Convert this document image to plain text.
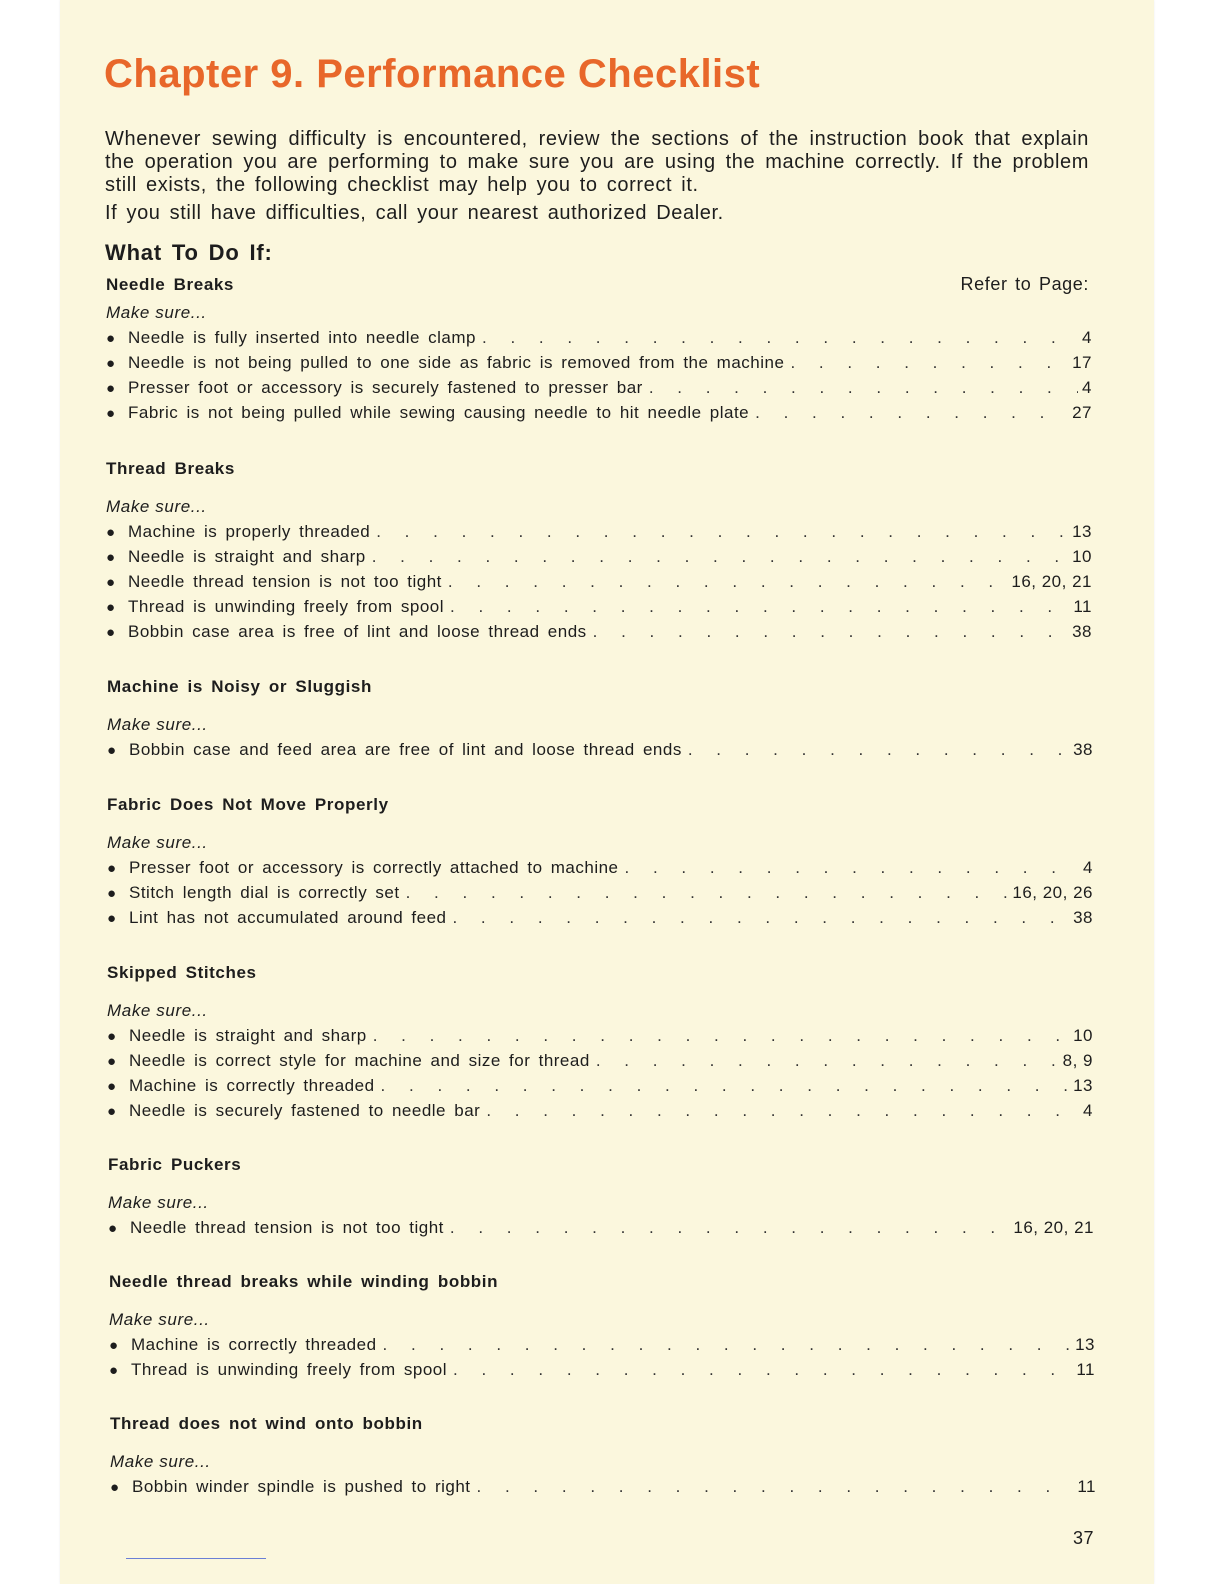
Chapter 9. Performance Checklist

Whenever sewing difficulty is encountered, review the sections of the instruction book that explain the operation you are performing to make sure you are using the machine correctly. If the problem still exists, the following checklist may help you to correct it.

If you still have difficulties, call your nearest authorized Dealer.

What To Do If:
Refer to Page:
Needle Breaks
Make sure...
● Needle is fully inserted into needle clamp . . .	4
● Needle is not being pulled to one side as fabric is removed from the machine . . .	17
● Presser foot or accessory is securely fastened to presser bar . . .	4
● Fabric is not being pulled while sewing causing needle to hit needle plate . . .	27
Thread Breaks
Make sure...
● Machine is properly threaded . . .	13
● Needle is straight and sharp . . .	10
● Needle thread tension is not too tight . . .	16, 20, 21
● Thread is unwinding freely from spool . . .	11
● Bobbin case area is free of lint and loose thread ends . . .	38
Machine is Noisy or Sluggish
Make sure...
● Bobbin case and feed area are free of lint and loose thread ends . . .	38
Fabric Does Not Move Properly
Make sure...
● Presser foot or accessory is correctly attached to machine . . .	4
● Stitch length dial is correctly set . . .	16, 20, 26
● Lint has not accumulated around feed . . .	38
Skipped Stitches
Make sure...
● Needle is straight and sharp . . .	10
● Needle is correct style for machine and size for thread . . .	8, 9
● Machine is correctly threaded . . .	13
● Needle is securely fastened to needle bar . . .	4
Fabric Puckers
Make sure...
● Needle thread tension is not too tight . . .	16, 20, 21
Needle thread breaks while winding bobbin
Make sure...
● Machine is correctly threaded . . .	13
● Thread is unwinding freely from spool . . .	11
Thread does not wind onto bobbin
Make sure...
● Bobbin winder spindle is pushed to right . . .	11
37
